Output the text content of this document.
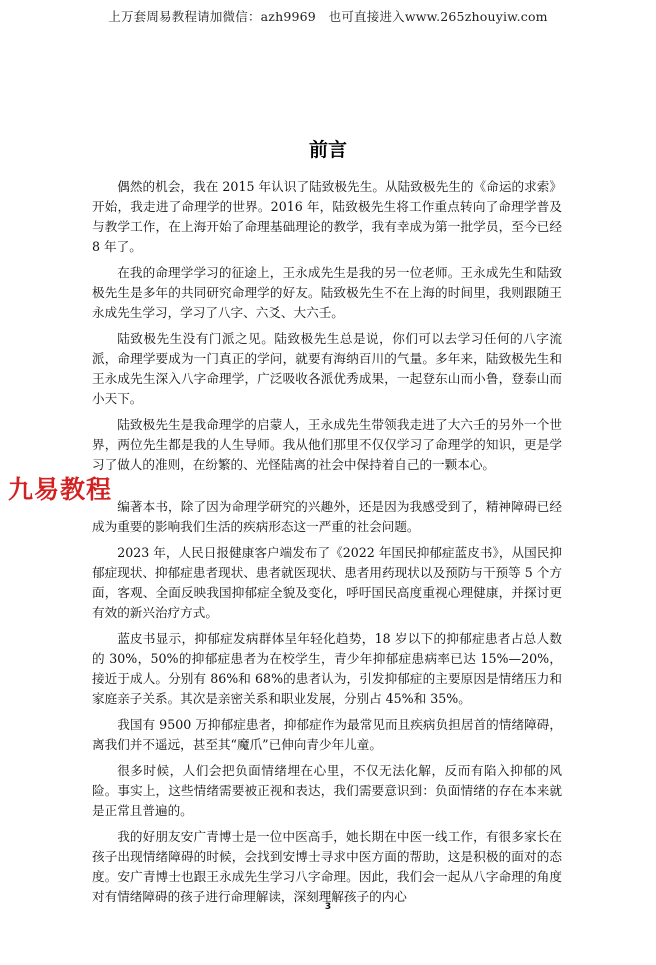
上万套周易教程请加微信：azh9969　也可直接进入www.265zhouyiw.com
前言

偶然的机会，我在 2015 年认识了陆致极先生。从陆致极先生的《命运的求索》开始，我走进了命理学的世界。2016 年，陆致极先生将工作重点转向了命理学普及与教学工作，在上海开始了命理基础理论的教学，我有幸成为第一批学员，至今已经 8 年了。

在我的命理学学习的征途上，王永成先生是我的另一位老师。王永成先生和陆致极先生是多年的共同研究命理学的好友。陆致极先生不在上海的时间里，我则跟随王永成先生学习，学习了八字、六爻、大六壬。

陆致极先生没有门派之见。陆致极先生总是说，你们可以去学习任何的八字流派，命理学要成为一门真正的学问，就要有海纳百川的气量。多年来，陆致极先生和王永成先生深入八字命理学，广泛吸收各派优秀成果，一起登东山而小鲁，登泰山而小天下。

陆致极先生是我命理学的启蒙人，王永成先生带领我走进了大六壬的另外一个世界，两位先生都是我的人生导师。我从他们那里不仅仅学习了命理学的知识，更是学习了做人的准则，在纷繁的、光怪陆离的社会中保持着自己的一颗本心。

编著本书，除了因为命理学研究的兴趣外，还是因为我感受到了，精神障碍已经成为重要的影响我们生活的疾病形态这一严重的社会问题。

2023 年，人民日报健康客户端发布了《2022 年国民抑郁症蓝皮书》，从国民抑郁症现状、抑郁症患者现状、患者就医现状、患者用药现状以及预防与干预等 5 个方面，客观、全面反映我国抑郁症全貌及变化，呼吁国民高度重视心理健康，并探讨更有效的新兴治疗方式。

蓝皮书显示，抑郁症发病群体呈年轻化趋势，18 岁以下的抑郁症患者占总人数的 30%，50%的抑郁症患者为在校学生，青少年抑郁症患病率已达 15%—20%，接近于成人。分别有 86%和 68%的患者认为，引发抑郁症的主要原因是情绪压力和家庭亲子关系。其次是亲密关系和职业发展，分别占 45%和 35%。

我国有 9500 万抑郁症患者，抑郁症作为最常见而且疾病负担居首的情绪障碍，离我们并不遥远，甚至其“魔爪”已伸向青少年儿童。

很多时候，人们会把负面情绪埋在心里，不仅无法化解，反而有陷入抑郁的风险。事实上，这些情绪需要被正视和表达，我们需要意识到：负面情绪的存在本来就是正常且普遍的。

我的好朋友安广青博士是一位中医高手，她长期在中医一线工作，有很多家长在孩子出现情绪障碍的时候，会找到安博士寻求中医方面的帮助，这是积极的面对的态度。安广青博士也跟王永成先生学习八字命理。因此，我们会一起从八字命理的角度对有情绪障碍的孩子进行命理解读，深刻理解孩子的内心

九易教程
3
